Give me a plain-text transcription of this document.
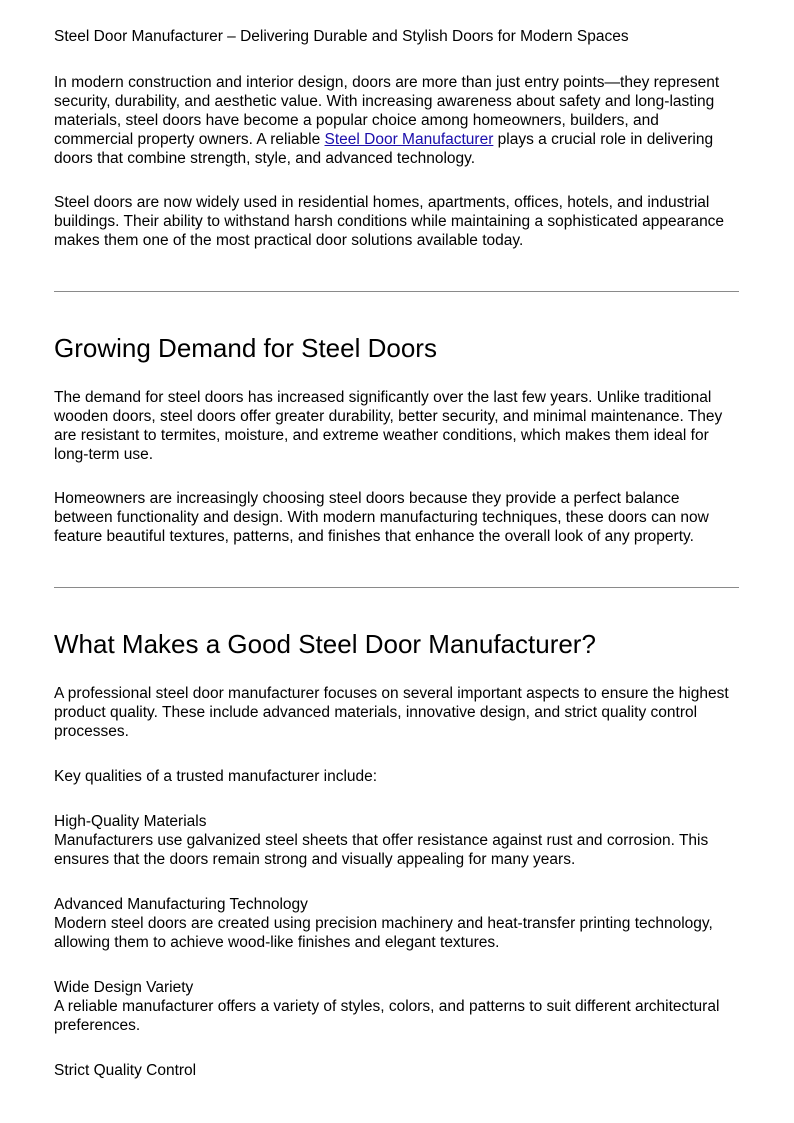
Steel Door Manufacturer – Delivering Durable and Stylish Doors for Modern Spaces

In modern construction and interior design, doors are more than just entry points—they represent security, durability, and aesthetic value. With increasing awareness about safety and long-lasting materials, steel doors have become a popular choice among homeowners, builders, and commercial property owners. A reliable Steel Door Manufacturer plays a crucial role in delivering doors that combine strength, style, and advanced technology.

Steel doors are now widely used in residential homes, apartments, offices, hotels, and industrial buildings. Their ability to withstand harsh conditions while maintaining a sophisticated appearance makes them one of the most practical door solutions available today.

Growing Demand for Steel Doors

The demand for steel doors has increased significantly over the last few years. Unlike traditional wooden doors, steel doors offer greater durability, better security, and minimal maintenance. They are resistant to termites, moisture, and extreme weather conditions, which makes them ideal for long-term use.

Homeowners are increasingly choosing steel doors because they provide a perfect balance between functionality and design. With modern manufacturing techniques, these doors can now feature beautiful textures, patterns, and finishes that enhance the overall look of any property.

What Makes a Good Steel Door Manufacturer?

A professional steel door manufacturer focuses on several important aspects to ensure the highest product quality. These include advanced materials, innovative design, and strict quality control processes.

Key qualities of a trusted manufacturer include:

High-Quality Materials
Manufacturers use galvanized steel sheets that offer resistance against rust and corrosion. This ensures that the doors remain strong and visually appealing for many years.
Advanced Manufacturing Technology
Modern steel doors are created using precision machinery and heat-transfer printing technology, allowing them to achieve wood-like finishes and elegant textures.
Wide Design Variety
A reliable manufacturer offers a variety of styles, colors, and patterns to suit different architectural preferences.
Strict Quality Control
